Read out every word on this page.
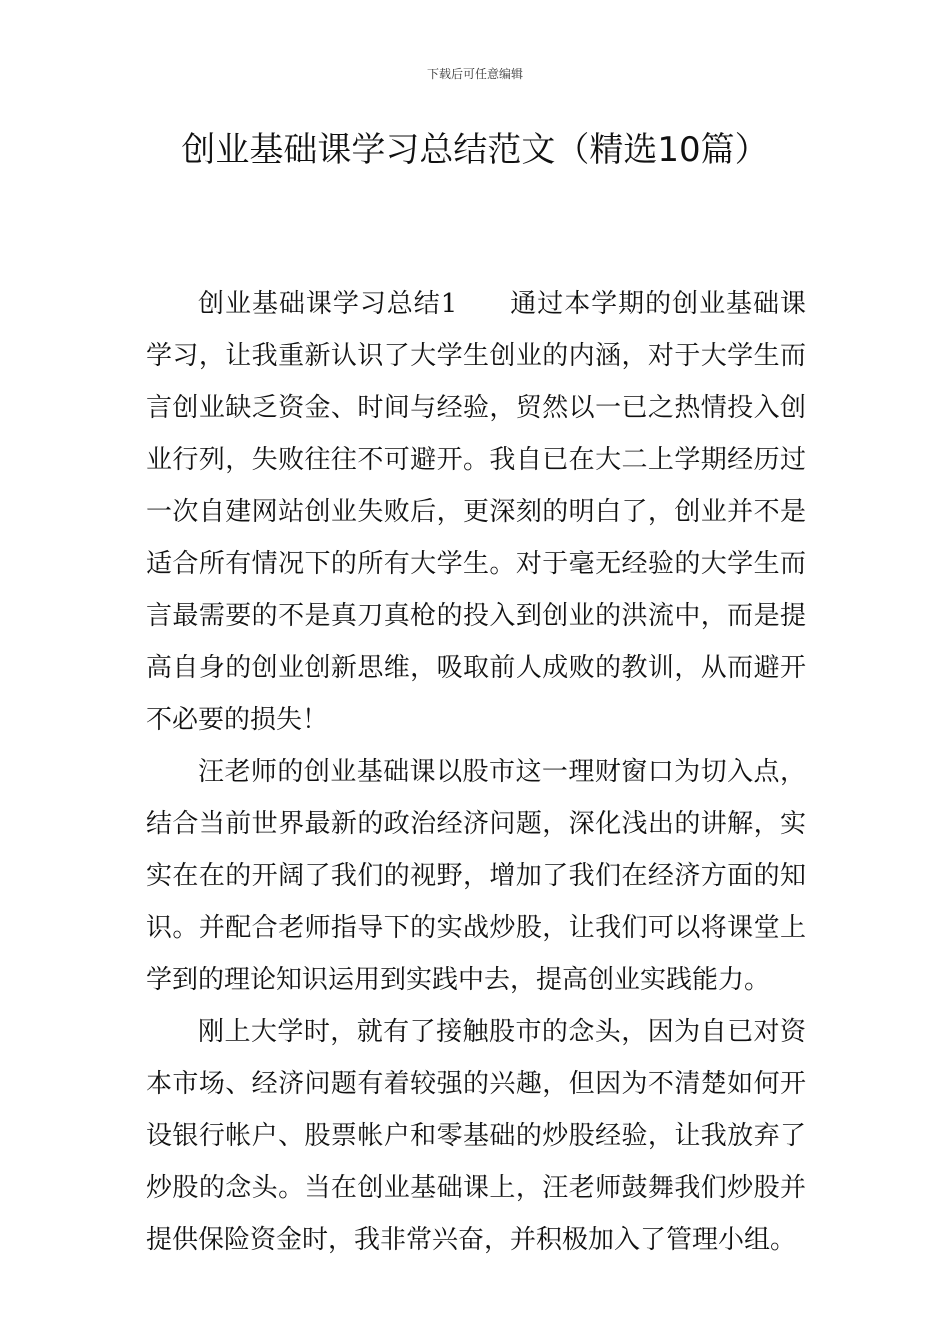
下载后可任意编辑
创业基础课学习总结范文（精选10篇）

创业基础课学习总结1 通过本学期的创业基础课学习，让我重新认识了大学生创业的内涵，对于大学生而言创业缺乏资金、时间与经验，贸然以一已之热情投入创业行列，失败往往不可避开。我自已在大二上学期经历过一次自建网站创业失败后，更深刻的明白了，创业并不是适合所有情况下的所有大学生。对于毫无经验的大学生而言最需要的不是真刀真枪的投入到创业的洪流中，而是提高自身的创业创新思维，吸取前人成败的教训，从而避开不必要的损失！

汪老师的创业基础课以股市这一理财窗口为切入点，结合当前世界最新的政治经济问题，深化浅出的讲解，实实在在的开阔了我们的视野，增加了我们在经济方面的知识。并配合老师指导下的实战炒股，让我们可以将课堂上学到的理论知识运用到实践中去，提高创业实践能力。

刚上大学时，就有了接触股市的念头，因为自已对资本市场、经济问题有着较强的兴趣，但因为不清楚如何开设银行帐户、股票帐户和零基础的炒股经验，让我放弃了炒股的念头。当在创业基础课上，汪老师鼓舞我们炒股并提供保险资金时，我非常兴奋，并积极加入了管理小组。
